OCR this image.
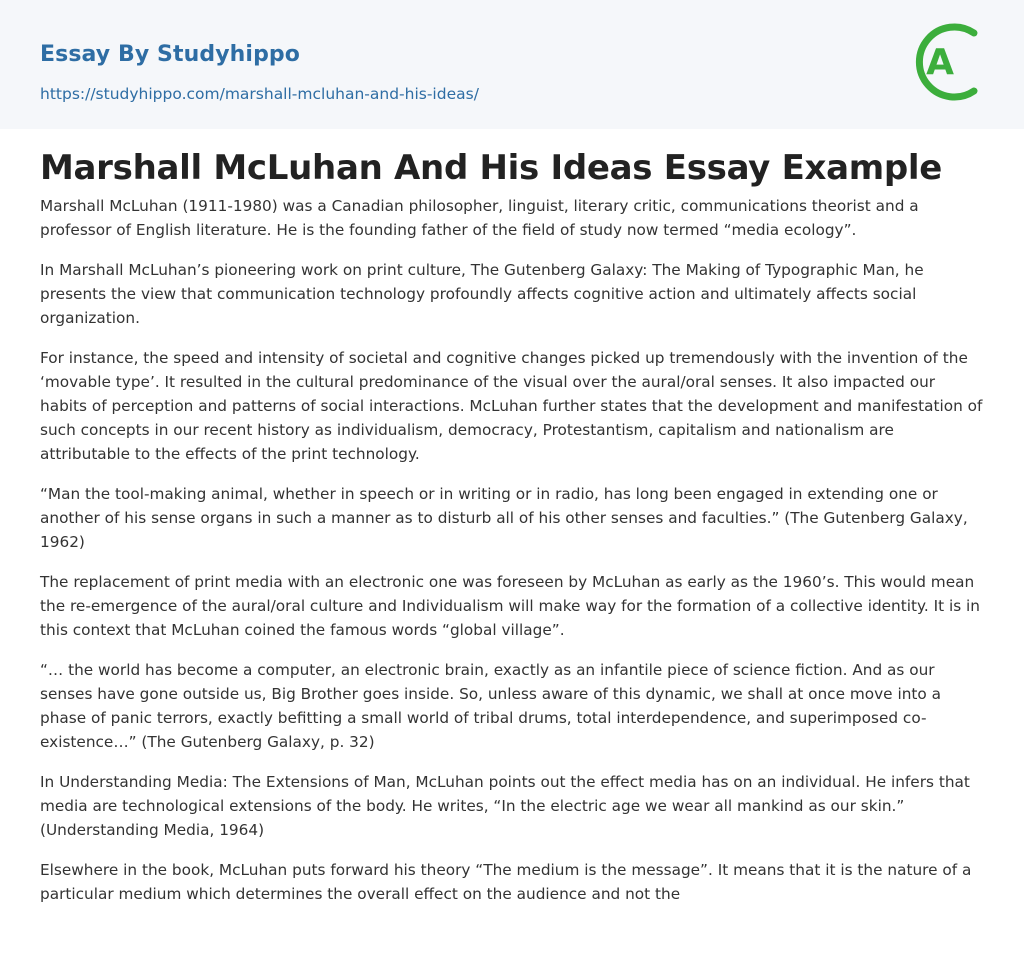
Essay By Studyhippo
https://studyhippo.com/marshall-mcluhan-and-his-ideas/
A
Marshall McLuhan And His Ideas Essay Example

Marshall McLuhan (1911-1980) was a Canadian philosopher, linguist, literary critic, communications theorist and a professor of English literature. He is the founding father of the field of study now termed “media ecology”.

In Marshall McLuhan’s pioneering work on print culture, The Gutenberg Galaxy: The Making of Typographic Man, he presents the view that communication technology profoundly affects cognitive action and ultimately affects social organization.

For instance, the speed and intensity of societal and cognitive changes picked up tremendously with the invention of the ‘movable type’. It resulted in the cultural predominance of the visual over the aural/oral senses. It also impacted our habits of perception and patterns of social interactions. McLuhan further states that the development and manifestation of such concepts in our recent history as individualism, democracy, Protestantism, capitalism and nationalism are attributable to the effects of the print technology.

“Man the tool-making animal, whether in speech or in writing or in radio, has long been engaged in extending one or another of his sense organs in such a manner as to disturb all of his other senses and faculties.” (The Gutenberg Galaxy, 1962)

The replacement of print media with an electronic one was foreseen by McLuhan as early as the 1960’s. This would mean the re-emergence of the aural/oral culture and Individualism will make way for the formation of a collective identity. It is in this context that McLuhan coined the famous words “global village”.

“… the world has become a computer, an electronic brain, exactly as an infantile piece of science fiction. And as our senses have gone outside us, Big Brother goes inside. So, unless aware of this dynamic, we shall at once move into a phase of panic terrors, exactly befitting a small world of tribal drums, total interdependence, and superimposed co-existence…” (The Gutenberg Galaxy, p. 32)

In Understanding Media: The Extensions of Man, McLuhan points out the effect media has on an individual. He infers that media are technological extensions of the body. He writes, “In the electric age we wear all mankind as our skin.” (Understanding Media, 1964)

Elsewhere in the book, McLuhan puts forward his theory “The medium is the message”. It means that it is the nature of a particular medium which determines the overall effect on the audience and not the
